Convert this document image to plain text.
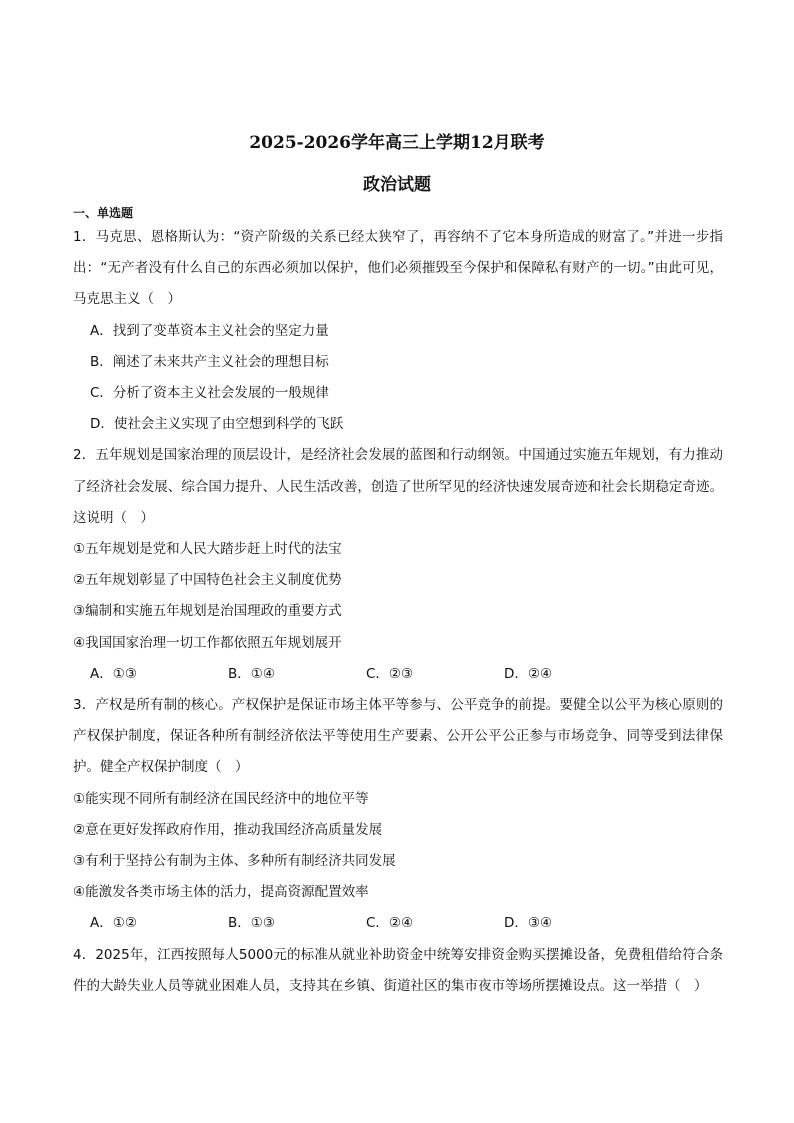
2025-2026学年高三上学期12月联考
政治试题
一、单选题
1．马克思、恩格斯认为：“资产阶级的关系已经太狭窄了，再容纳不了它本身所造成的财富了。”并进一步指出：“无产者没有什么自己的东西必须加以保护，他们必须摧毁至今保护和保障私有财产的一切。”由此可见，马克思主义（　）
A．找到了变革资本主义社会的坚定力量
B．阐述了未来共产主义社会的理想目标
C．分析了资本主义社会发展的一般规律
D．使社会主义实现了由空想到科学的飞跃
2．五年规划是国家治理的顶层设计，是经济社会发展的蓝图和行动纲领。中国通过实施五年规划，有力推动了经济社会发展、综合国力提升、人民生活改善，创造了世所罕见的经济快速发展奇迹和社会长期稳定奇迹。这说明（　）
①五年规划是党和人民大踏步赶上时代的法宝
②五年规划彰显了中国特色社会主义制度优势
③编制和实施五年规划是治国理政的重要方式
④我国国家治理一切工作都依照五年规划展开
A．①③	B．①④	C．②③	D．②④
3．产权是所有制的核心。产权保护是保证市场主体平等参与、公平竞争的前提。要健全以公平为核心原则的产权保护制度，保证各种所有制经济依法平等使用生产要素、公开公平公正参与市场竞争、同等受到法律保护。健全产权保护制度（　）
①能实现不同所有制经济在国民经济中的地位平等
②意在更好发挥政府作用，推动我国经济高质量发展
③有利于坚持公有制为主体、多种所有制经济共同发展
④能激发各类市场主体的活力，提高资源配置效率
A．①②	B．①③	C．②④	D．③④
4．2025年，江西按照每人5000元的标准从就业补助资金中统筹安排资金购买摆摊设备，免费租借给符合条件的大龄失业人员等就业困难人员，支持其在乡镇、街道社区的集市夜市等场所摆摊设点。这一举措（　）
